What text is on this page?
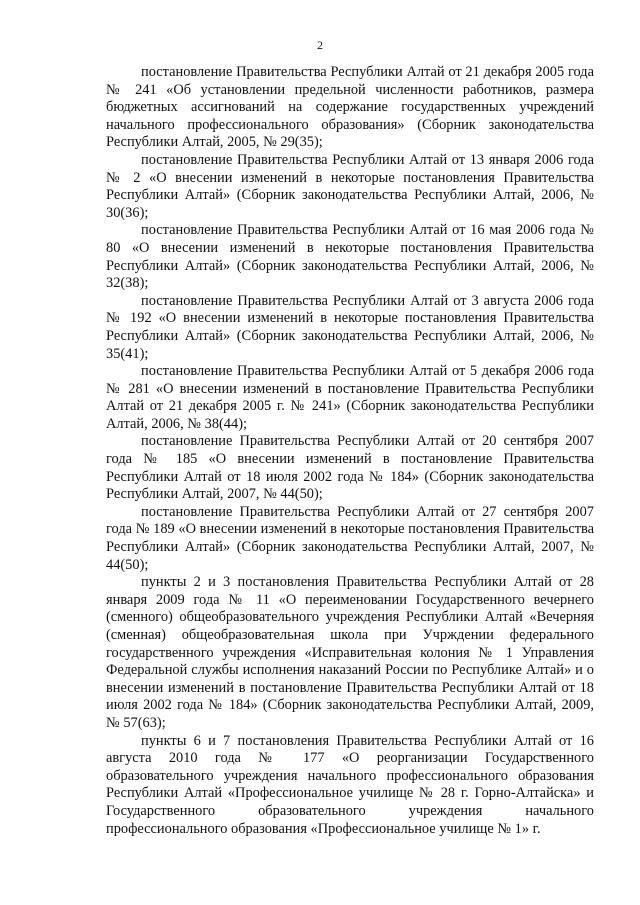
2

постановление Правительства Республики Алтай от 21 декабря 2005 года № 241 «Об установлении предельной численности работников, размера бюджетных ассигнований на содержание государственных учреждений начального профессионального образования» (Сборник законодательства Республики Алтай, 2005, № 29(35);

постановление Правительства Республики Алтай от 13 января 2006 года № 2 «О внесении изменений в некоторые постановления Правительства Республики Алтай» (Сборник законодательства Республики Алтай, 2006, № 30(36);

постановление Правительства Республики Алтай от 16 мая 2006 года № 80 «О внесении изменений в некоторые постановления Правительства Республики Алтай» (Сборник законодательства Республики Алтай, 2006, № 32(38);

постановление Правительства Республики Алтай от 3 августа 2006 года № 192 «О внесении изменений в некоторые постановления Правительства Республики Алтай» (Сборник законодательства Республики Алтай, 2006, № 35(41);

постановление Правительства Республики Алтай от 5 декабря 2006 года № 281 «О внесении изменений в постановление Правительства Республики Алтай от 21 декабря 2005 г. № 241» (Сборник законодательства Республики Алтай, 2006, № 38(44);

постановление Правительства Республики Алтай от 20 сентября 2007 года № 185 «О внесении изменений в постановление Правительства Республики Алтай от 18 июля 2002 года № 184» (Сборник законодательства Республики Алтай, 2007, № 44(50);

постановление Правительства Республики Алтай от 27 сентября 2007 года № 189 «О внесении изменений в некоторые постановления Правительства Республики Алтай» (Сборник законодательства Республики Алтай, 2007, № 44(50);

пункты 2 и 3 постановления Правительства Республики Алтай от 28 января 2009 года № 11 «О переименовании Государственного вечернего (сменного) общеобразовательного учреждения Республики Алтай «Вечерняя (сменная) общеобразовательная школа при Учрждении федерального государственного учреждения «Исправительная колония № 1 Управления Федеральной службы исполнения наказаний России по Республике Алтай» и о внесении изменений в постановление Правительства Республики Алтай от 18 июля 2002 года № 184» (Сборник законодательства Республики Алтай, 2009, № 57(63);

пункты 6 и 7 постановления Правительства Республики Алтай от 16 августа 2010 года № 177 «О реорганизации Государственного образовательного учреждения начального профессионального образования Республики Алтай «Профессиональное училище № 28 г. Горно-Алтайска» и Государственного образовательного учреждения начального профессионального образования «Профессиональное училище № 1» г.
